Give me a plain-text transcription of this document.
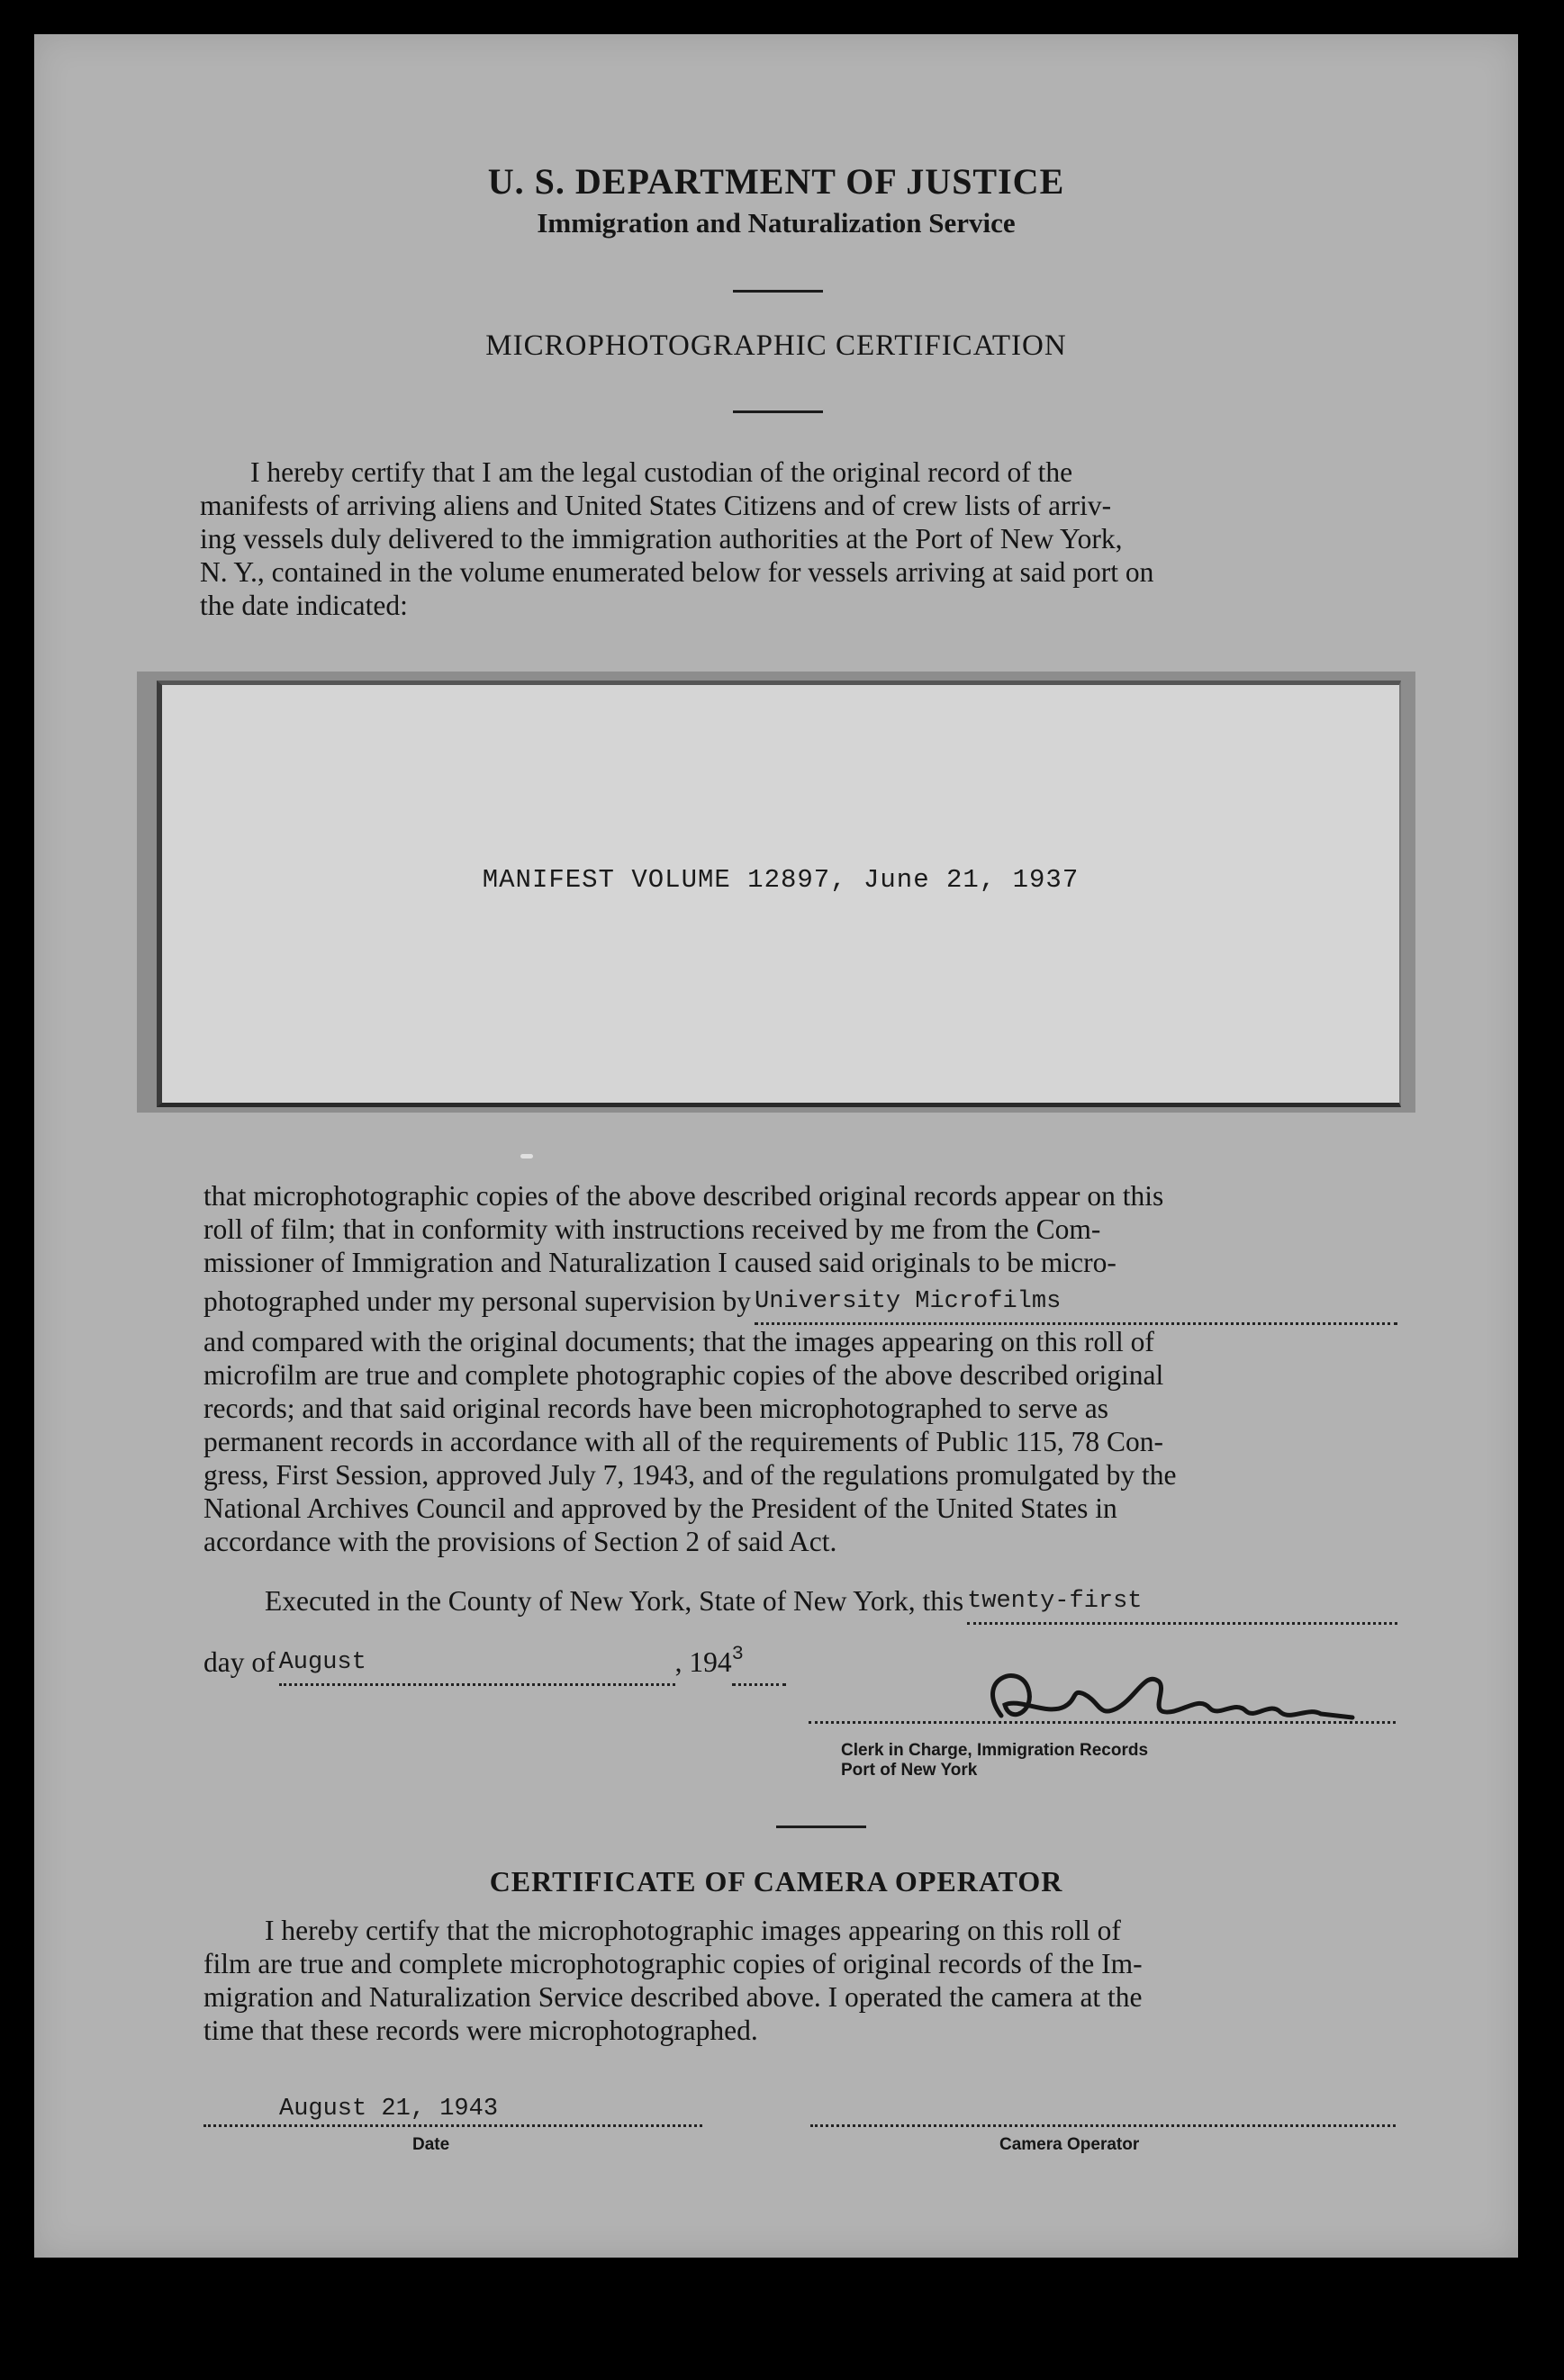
U. S. DEPARTMENT OF JUSTICE
Immigration and Naturalization Service
MICROPHOTOGRAPHIC CERTIFICATION
I hereby certify that I am the legal custodian of the original record of the
manifests of arriving aliens and United States Citizens and of crew lists of arriv-
ing vessels duly delivered to the immigration authorities at the Port of New York,
N. Y., contained in the volume enumerated below for vessels arriving at said port on
the date indicated:
MANIFEST VOLUME 12897, June 21, 1937
that microphotographic copies of the above described original records appear on this
roll of film; that in conformity with instructions received by me from the Com-
missioner of Immigration and Naturalization I caused said originals to be micro-
photographed under my personal supervision by University Microfilms
and compared with the original documents; that the images appearing on this roll of
microfilm are true and complete photographic copies of the above described original
records; and that said original records have been microphotographed to serve as
permanent records in accordance with all of the requirements of Public 115, 78 Con-
gress, First Session, approved July 7, 1943, and of the regulations promulgated by the
National Archives Council and approved by the President of the United States in
accordance with the provisions of Section 2 of said Act.
Executed in the County of New York, State of New York, this twenty-first
day of August	, 194 $^3$
Clerk in Charge, Immigration Records
Port of New York
CERTIFICATE OF CAMERA OPERATOR
I hereby certify that the microphotographic images appearing on this roll of
film are true and complete microphotographic copies of original records of the Im-
migration and Naturalization Service described above. I operated the camera at the
time that these records were microphotographed.
August 21, 1943
Date	Camera Operator
